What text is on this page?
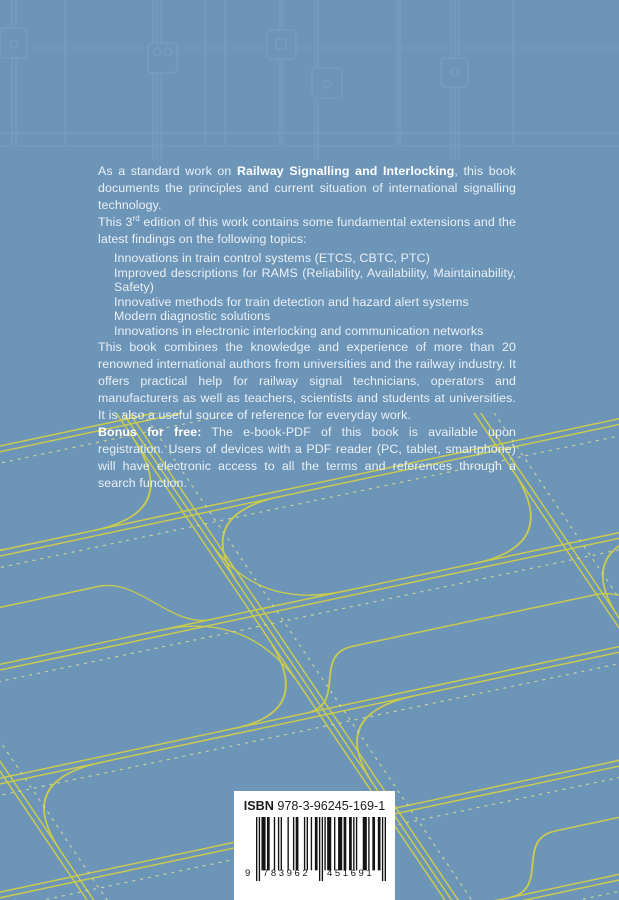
As a standard work on Railway Signalling and Interlocking, this book documents the principles and current situation of international signalling technology.

This 3rd edition of this work contains some fundamental extensions and the latest findings on the following topics:

Innovations in train control systems (ETCS, CBTC, PTC)
Improved descriptions for RAMS (Reliability, Availability, Maintainability, Safety)
Innovative methods for train detection and hazard alert systems
Modern diagnostic solutions
Innovations in electronic interlocking and communication networks

This book combines the knowledge and experience of more than 20 renowned international authors from universities and the railway industry. It offers practical help for railway signal technicians, operators and manufacturers as well as teachers, scientists and students at universities. It is also a useful source of reference for everyday work.

Bonus for free: The e-book-PDF of this book is available upon registration. Users of devices with a PDF reader (PC, tablet, smartphone) will have electronic access to all the terms and references through a search function.

ISBN 978-3-96245-169-1
9 783962	451691
